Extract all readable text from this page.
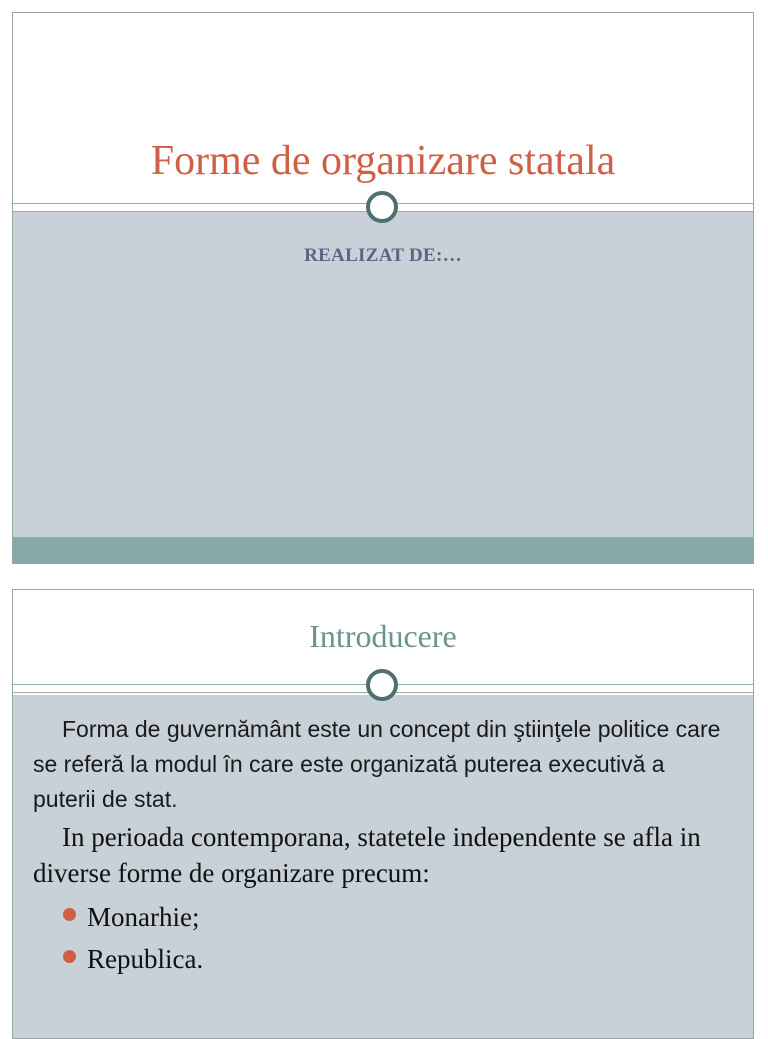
Forme de organizare statala
REALIZAT DE:…
Introducere
Forma de guvernământ este un concept din ştiinţele politice care se referă la modul în care este organizată puterea executivă a puterii de stat.
In perioada contemporana, statetele independente se afla in diverse forme de organizare precum:
Monarhie;
Republica.
